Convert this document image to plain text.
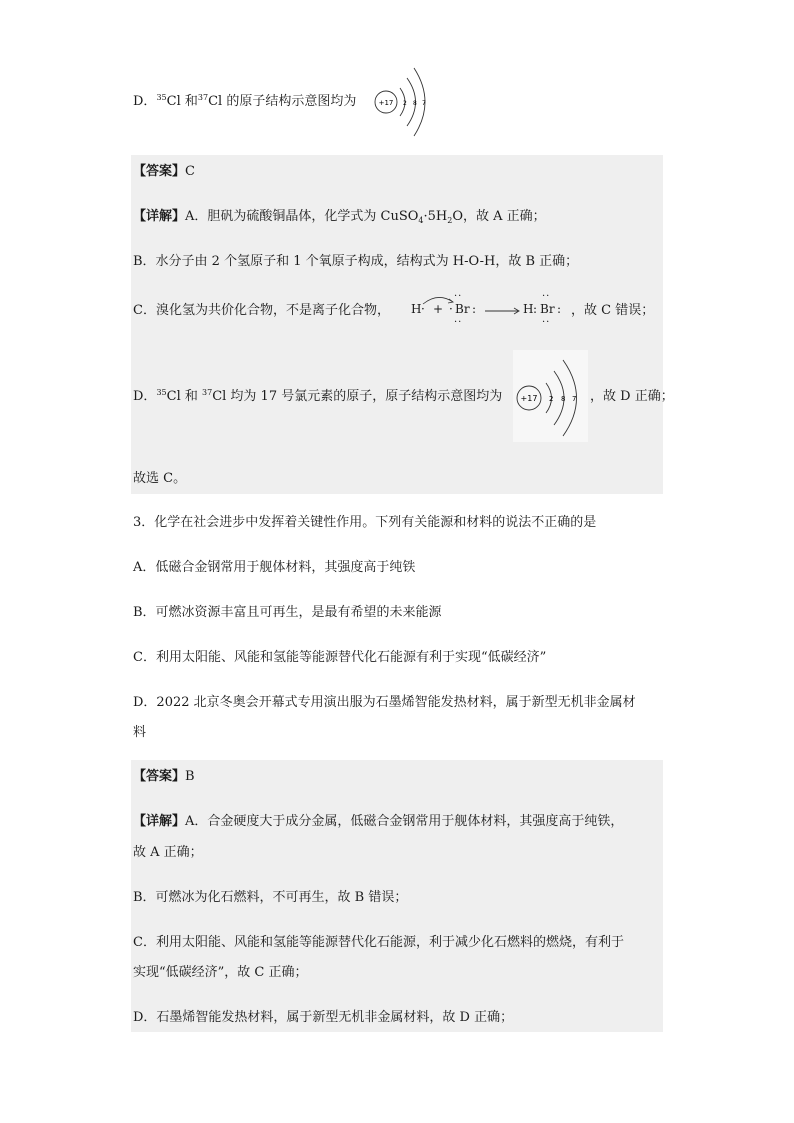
D．$^{35}$Cl 和$^{37}$Cl 的原子结构示意图均为	+17 2 8 7
【答案】C
【详解】A．胆矾为硫酸铜晶体，化学式为 $CuSO_4\cdot 5H_2O$，故 A 正确；
B．水分子由 2 个氢原子和 1 个氧原子构成，结构式为 H-O-H，故 B 正确；
C．溴化氢为共价化合物，不是离子化合物， H · +
··
· Br :
··
→ H :
··
Br :
··
，故 C 错误；
D．$^{35}$Cl 和 $^{37}$Cl 均为 17 号氯元素的原子，原子结构示意图均为 +17 2 8 7 ，故 D 正确；
故选 C。
3．化学在社会进步中发挥着关键性作用。下列有关能源和材料的说法不正确的是
A．低磁合金钢常用于舰体材料，其强度高于纯铁
B．可燃冰资源丰富且可再生，是最有希望的未来能源
C．利用太阳能、风能和氢能等能源替代化石能源有利于实现“低碳经济”
D．2022 北京冬奥会开幕式专用演出服为石墨烯智能发热材料，属于新型无机非金属材
料
【答案】B
【详解】A．合金硬度大于成分金属，低磁合金钢常用于舰体材料，其强度高于纯铁，
故 A 正确；
B．可燃冰为化石燃料，不可再生，故 B 错误；
C．利用太阳能、风能和氢能等能源替代化石能源，利于减少化石燃料的燃烧，有利于
实现“低碳经济”，故 C 正确；
D．石墨烯智能发热材料，属于新型无机非金属材料，故 D 正确；
